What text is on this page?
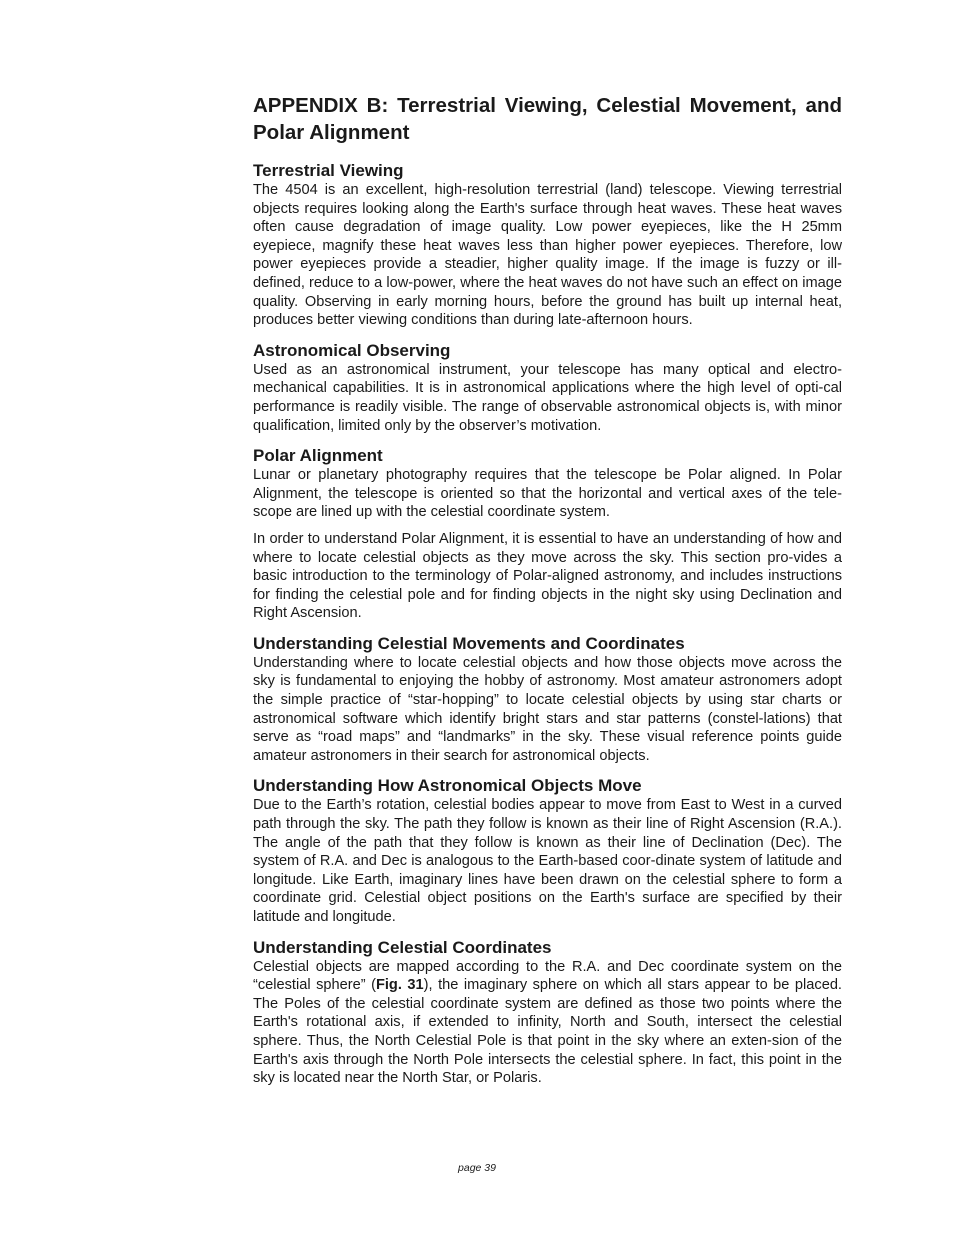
APPENDIX B: Terrestrial Viewing, Celestial Movement, and Polar Alignment
Terrestrial Viewing

The 4504 is an excellent, high-resolution terrestrial (land) telescope. Viewing terrestrial objects requires looking along the Earth's surface through heat waves. These heat waves often cause degradation of image quality. Low power eyepieces, like the H 25mm eyepiece, magnify these heat waves less than higher power eyepieces. Therefore, low power eyepieces provide a steadier, higher quality image. If the image is fuzzy or ill-defined, reduce to a low-power, where the heat waves do not have such an effect on image quality. Observing in early morning hours, before the ground has built up internal heat, produces better viewing conditions than during late-afternoon hours.

Astronomical Observing

Used as an astronomical instrument, your telescope has many optical and electro-mechanical capabilities. It is in astronomical applications where the high level of opti-cal performance is readily visible. The range of observable astronomical objects is, with minor qualification, limited only by the observer’s motivation.

Polar Alignment

Lunar or planetary photography requires that the telescope be Polar aligned. In Polar Alignment, the telescope is oriented so that the horizontal and vertical axes of the tele-scope are lined up with the celestial coordinate system.

In order to understand Polar Alignment, it is essential to have an understanding of how and where to locate celestial objects as they move across the sky. This section pro-vides a basic introduction to the terminology of Polar-aligned astronomy, and includes instructions for finding the celestial pole and for finding objects in the night sky using Declination and Right Ascension.

Understanding Celestial Movements and Coordinates

Understanding where to locate celestial objects and how those objects move across the sky is fundamental to enjoying the hobby of astronomy. Most amateur astronomers adopt the simple practice of “star-hopping” to locate celestial objects by using star charts or astronomical software which identify bright stars and star patterns (constel-lations) that serve as “road maps” and “landmarks” in the sky. These visual reference points guide amateur astronomers in their search for astronomical objects.

Understanding How Astronomical Objects Move

Due to the Earth’s rotation, celestial bodies appear to move from East to West in a curved path through the sky. The path they follow is known as their line of Right Ascension (R.A.). The angle of the path that they follow is known as their line of Declination (Dec). The system of R.A. and Dec is analogous to the Earth-based coor-dinate system of latitude and longitude. Like Earth, imaginary lines have been drawn on the celestial sphere to form a coordinate grid. Celestial object positions on the Earth's surface are specified by their latitude and longitude.

Understanding Celestial Coordinates

Celestial objects are mapped according to the R.A. and Dec coordinate system on the “celestial sphere” (Fig. 31), the imaginary sphere on which all stars appear to be placed. The Poles of the celestial coordinate system are defined as those two points where the Earth's rotational axis, if extended to infinity, North and South, intersect the celestial sphere. Thus, the North Celestial Pole is that point in the sky where an exten-sion of the Earth's axis through the North Pole intersects the celestial sphere. In fact, this point in the sky is located near the North Star, or Polaris.

page 39
